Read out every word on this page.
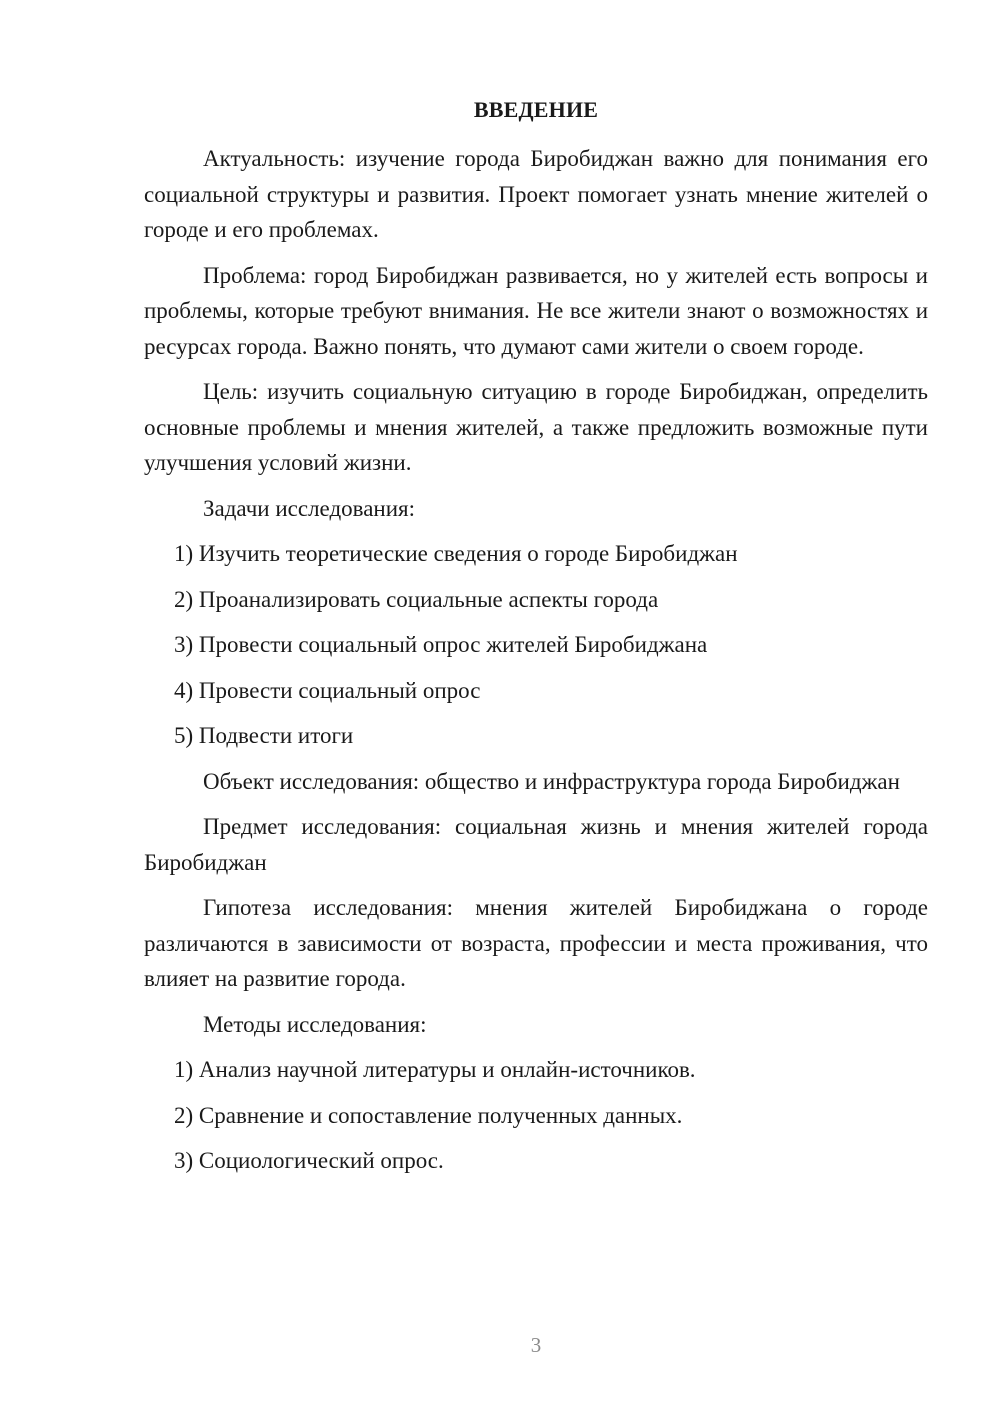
ВВЕДЕНИЕ

Актуальность: изучение города Биробиджан важно для понимания его социальной структуры и развития. Проект помогает узнать мнение жителей о городе и его проблемах.

Проблема: город Биробиджан развивается, но у жителей есть вопросы и проблемы, которые требуют внимания. Не все жители знают о возможностях и ресурсах города. Важно понять, что думают сами жители о своем городе.

Цель: изучить социальную ситуацию в городе Биробиджан, определить основные проблемы и мнения жителей, а также предложить возможные пути улучшения условий жизни.

Задачи исследования:

1) Изучить теоретические сведения о городе Биробиджан

2) Проанализировать социальные аспекты города

3) Провести социальный опрос жителей Биробиджана

4) Провести социальный опрос

5) Подвести итоги

Объект исследования: общество и инфраструктура города Биробиджан

Предмет исследования: социальная жизнь и мнения жителей города Биробиджан

Гипотеза исследования: мнения жителей Биробиджана о городе различаются в зависимости от возраста, профессии и места проживания, что влияет на развитие города.

Методы исследования:

1) Анализ научной литературы и онлайн-источников.

2) Сравнение и сопоставление полученных данных.

3) Социологический опрос.

3
